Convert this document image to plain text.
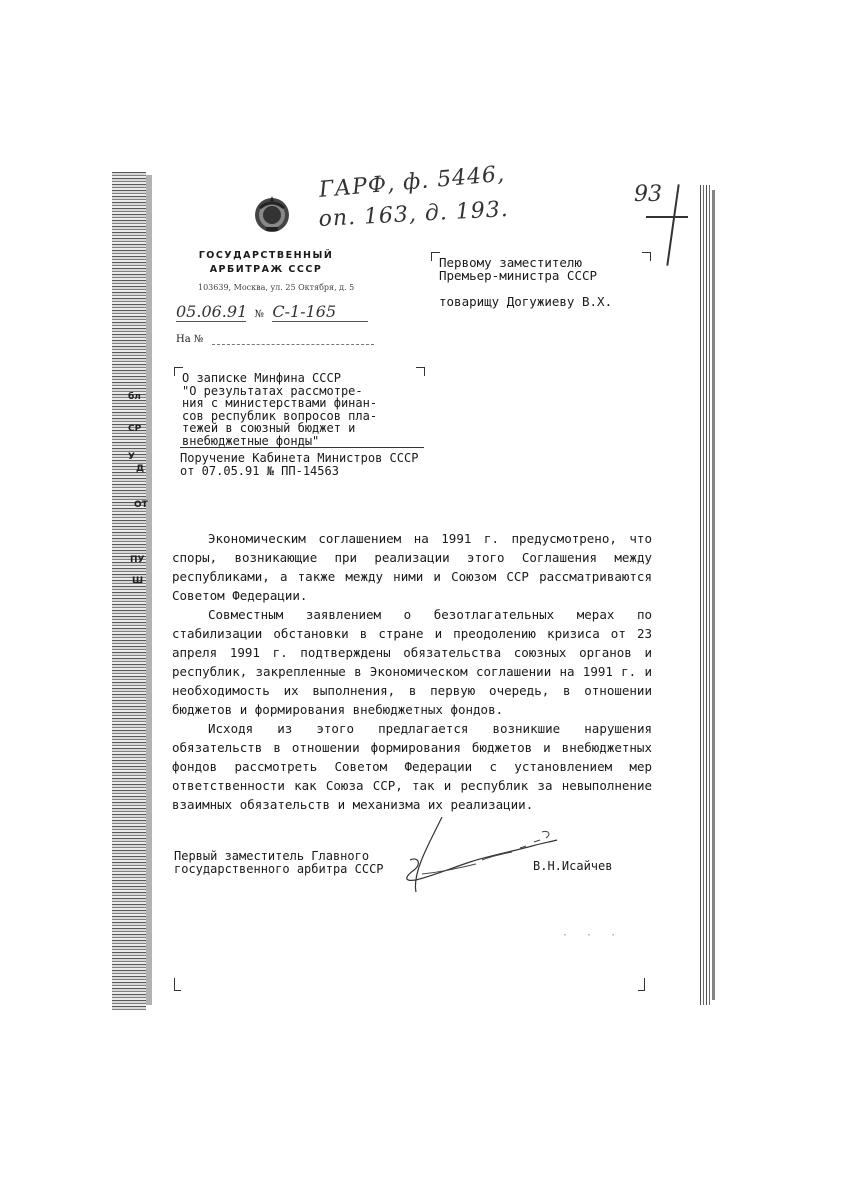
бл
СР
У
Д
ОТ
ПУ
Ш
ГАРФ, ф. 5446,
оп. 163, д. 193.
93
ГОСУДАРСТВЕННЫЙ
АРБИТРАЖ СССР
103639, Москва, ул. 25 Октября, д. 5
05.06.91 № С-1-165
На №
Первому заместителю
Премьер-министра СССР
товарищу Догужиеву В.Х.
О записке Минфина СССР
"О результатах рассмотре-
ния с министерствами финан-
сов республик вопросов пла-
тежей в союзный бюджет и
внебюджетные фонды"
Поручение Кабинета Министров СССР
от 07.05.91 № ПП-14563

Экономическим соглашением на 1991 г. предусмотрено, что споры, возникающие при реализации этого Соглашения между республиками, а также между ними и Союзом ССР рассматриваются Советом Федерации.

Совместным заявлением о безотлагательных мерах по стабилизации обстановки в стране и преодолению кризиса от 23 апреля 1991 г. подтверждены обязательства союзных органов и республик, закрепленные в Экономическом соглашении на 1991 г. и необходимость их выполнения, в первую очередь, в отношении бюджетов и формирования внебюджетных фондов.

Исходя из этого предлагается возникшие нарушения обязательств в отношении формирования бюджетов и внебюджетных фондов рассмотреть Советом Федерации с установлением мер ответственности как Союза ССР, так и республик за невыполнение взаимных обязательств и механизма их реализации.

Первый заместитель Главного
государственного арбитра СССР	В.Н.Исайчев
· · ·
